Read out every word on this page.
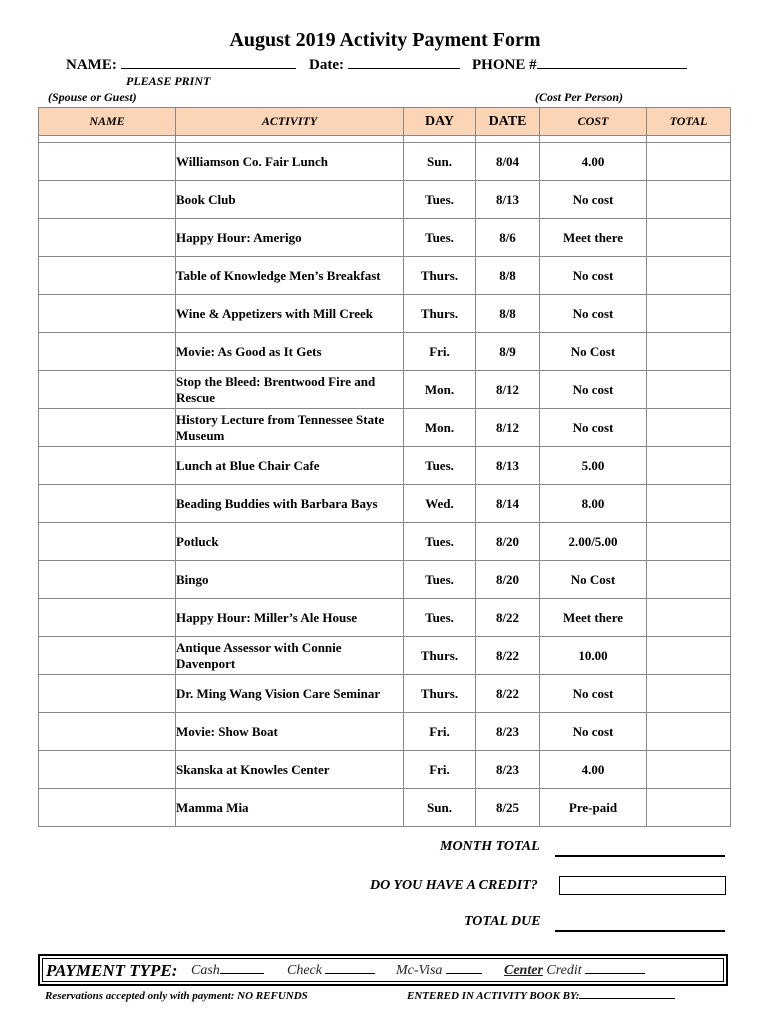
August 2019 Activity Payment Form
NAME:	Date:	PHONE #
PLEASE PRINT
(Spouse or Guest)	(Cost Per Person)
NAME	ACTIVITY	DAY	DATE	COST	TOTAL

	Williamson Co. Fair Lunch	Sun.	8/04	4.00	
	Book Club	Tues.	8/13	No cost	
	Happy Hour: Amerigo	Tues.	8/6	Meet there	
	Table of Knowledge Men’s Breakfast	Thurs.	8/8	No cost	
	Wine & Appetizers with Mill Creek	Thurs.	8/8	No cost	
	Movie: As Good as It Gets	Fri.	8/9	No Cost	
	Stop the Bleed: Brentwood Fire and Rescue	Mon.	8/12	No cost	
	History Lecture from Tennessee State Museum	Mon.	8/12	No cost	
	Lunch at Blue Chair Cafe	Tues.	8/13	5.00	
	Beading Buddies with Barbara Bays	Wed.	8/14	8.00	
	Potluck	Tues.	8/20	2.00/5.00	
	Bingo	Tues.	8/20	No Cost	
	Happy Hour: Miller’s Ale House	Tues.	8/22	Meet there	
	Antique Assessor with Connie Davenport	Thurs.	8/22	10.00	
	Dr. Ming Wang Vision Care Seminar	Thurs.	8/22	No cost	
	Movie: Show Boat	Fri.	8/23	No cost	
	Skanska at Knowles Center	Fri.	8/23	4.00	
	Mamma Mia	Sun.	8/25	Pre-paid	
MONTH TOTAL
DO YOU HAVE A CREDIT?
TOTAL DUE
PAYMENT TYPE: Cash	Check	Mc-Visa	Center Credit
Reservations accepted only with payment: NO REFUNDS	ENTERED IN ACTIVITY BOOK BY:
